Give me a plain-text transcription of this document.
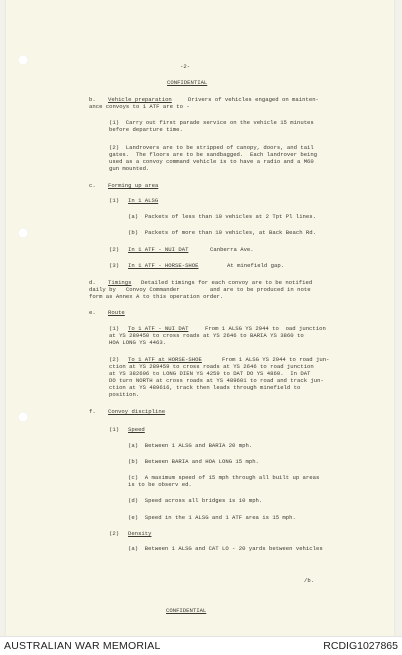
-2-
CONFIDENTIAL
b. Vehicle preparation	Drivers of vehicles engaged on mainten-
ance convoys to 1 ATF are to -
(1)  Carry out first parade service on the vehicle 15 minutes
before departure time.
(2)  Landrovers are to be stripped of canopy, doors, and tail
gates.  The floors are to be sandbagged.  Each landrover being
used as a convoy command vehicle is to have a radio and a M60
gun mounted.
c. Forming up area
(1) In 1 ALSG
(a)  Packets of less than 10 vehicles at 2 Tpt Pl lines.
(b)  Packets of more than 10 vehicles, at Back Beach Rd.
(2) In 1 ATF - NUI DAT	Canberra Ave.
(3) In 1 ATF - HORSE-SHOE	At minefield gap.
d. Timings Detailed timings for each convoy are to be notified
daily by   Convoy Commander         and are to be produced in note
form as Annex A to this operation order.
e. Route
(1) To 1 ATF - NUI DAT	From 1 ALSG YS 2944 to  oad junction
at YS 289450 to cross roads at YS 2646 to BARIA YS 3860 to
HOA LONG YS 4463.
(2) To 1 ATF at HORSE-SHOE	From 1 ALSG YS 2944 to road jun-
ction at YS 289459 to cross roads at YS 2646 to road junction
at YS 382606 to LONG DIEN YS 4259 to DAT DO YS 4860.  In DAT
DO turn NORTH at cross roads at YS 489601 to road and track jun-
ction at YS 489616, track then leads through minefield to
position.
f. Convoy discipline
(1) Speed
(a)  Between 1 ALSG and BARIA 20 mph.
(b)  Between BARIA and HOA LONG 15 mph.
(c)  A maximum speed of 15 mph through all built up areas
is to be observ ed.
(d)  Speed across all bridges is 10 mph.
(e)  Speed in the 1 ALSG and 1 ATF area is 15 mph.
(2) Density
(a)  Between 1 ALSG and CAT LO - 20 yards between vehicles
/b.
CONFIDENTIAL
AUSTRALIAN WAR MEMORIAL	RCDIG1027865
